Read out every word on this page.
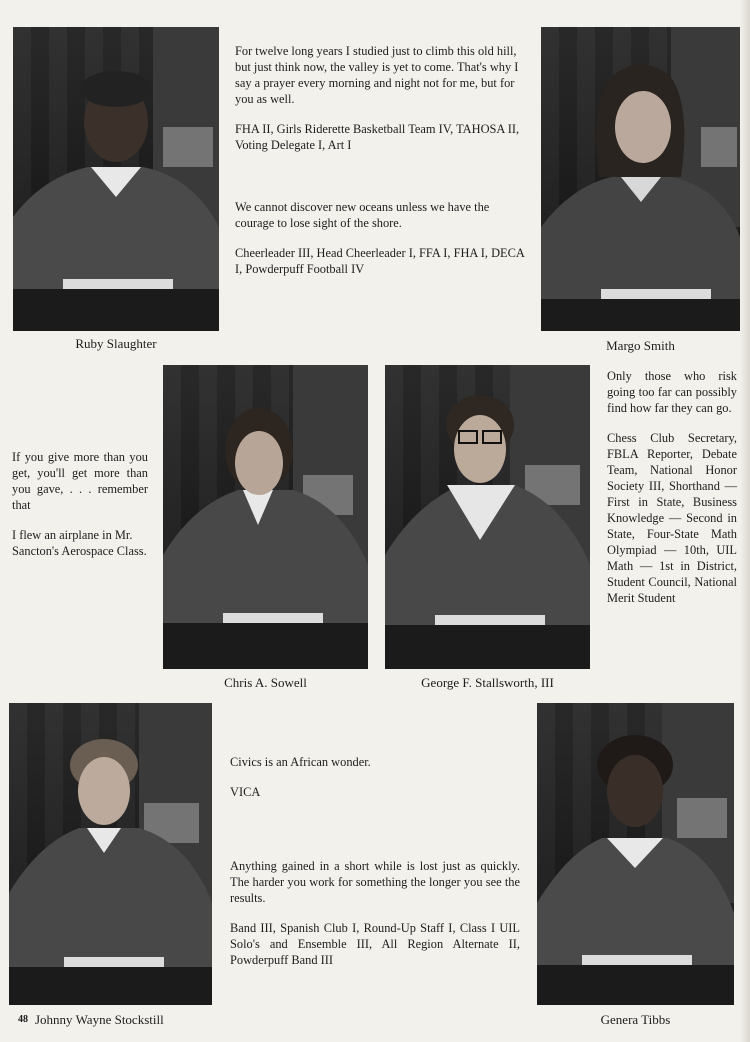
Ruby Slaughter	Margo Smith
Chris A. Sowell	George F. Stallsworth, III
48 Johnny Wayne Stockstill	Genera Tibbs

For twelve long years I studied just to climb this old hill, but just think now, the valley is yet to come. That's why I say a prayer every morning and night not for me, but for you as well.

FHA II, Girls Riderette Basketball Team IV, TAHOSA II, Voting Delegate I, Art I

We cannot discover new oceans unless we have the courage to lose sight of the shore.

Cheerleader III, Head Cheerleader I, FFA I, FHA I, DECA I, Powderpuff Football IV

If you give more than you get, you'll get more than you gave, . . . remember that

I flew an airplane in Mr. Sancton's Aerospace Class.

Only those who risk going too far can possibly find how far they can go.

Chess Club Secretary, FBLA Reporter, Debate Team, National Honor Society III, Shorthand — First in State, Business Knowledge — Second in State, Four-State Math Olympiad — 10th, UIL Math — 1st in District, Student Council, National Merit Student

Civics is an African wonder.

VICA

Anything gained in a short while is lost just as quickly. The harder you work for something the longer you see the results.

Band III, Spanish Club I, Round-Up Staff I, Class I UIL Solo's and Ensemble III, All Region Alternate II, Powderpuff Band III
